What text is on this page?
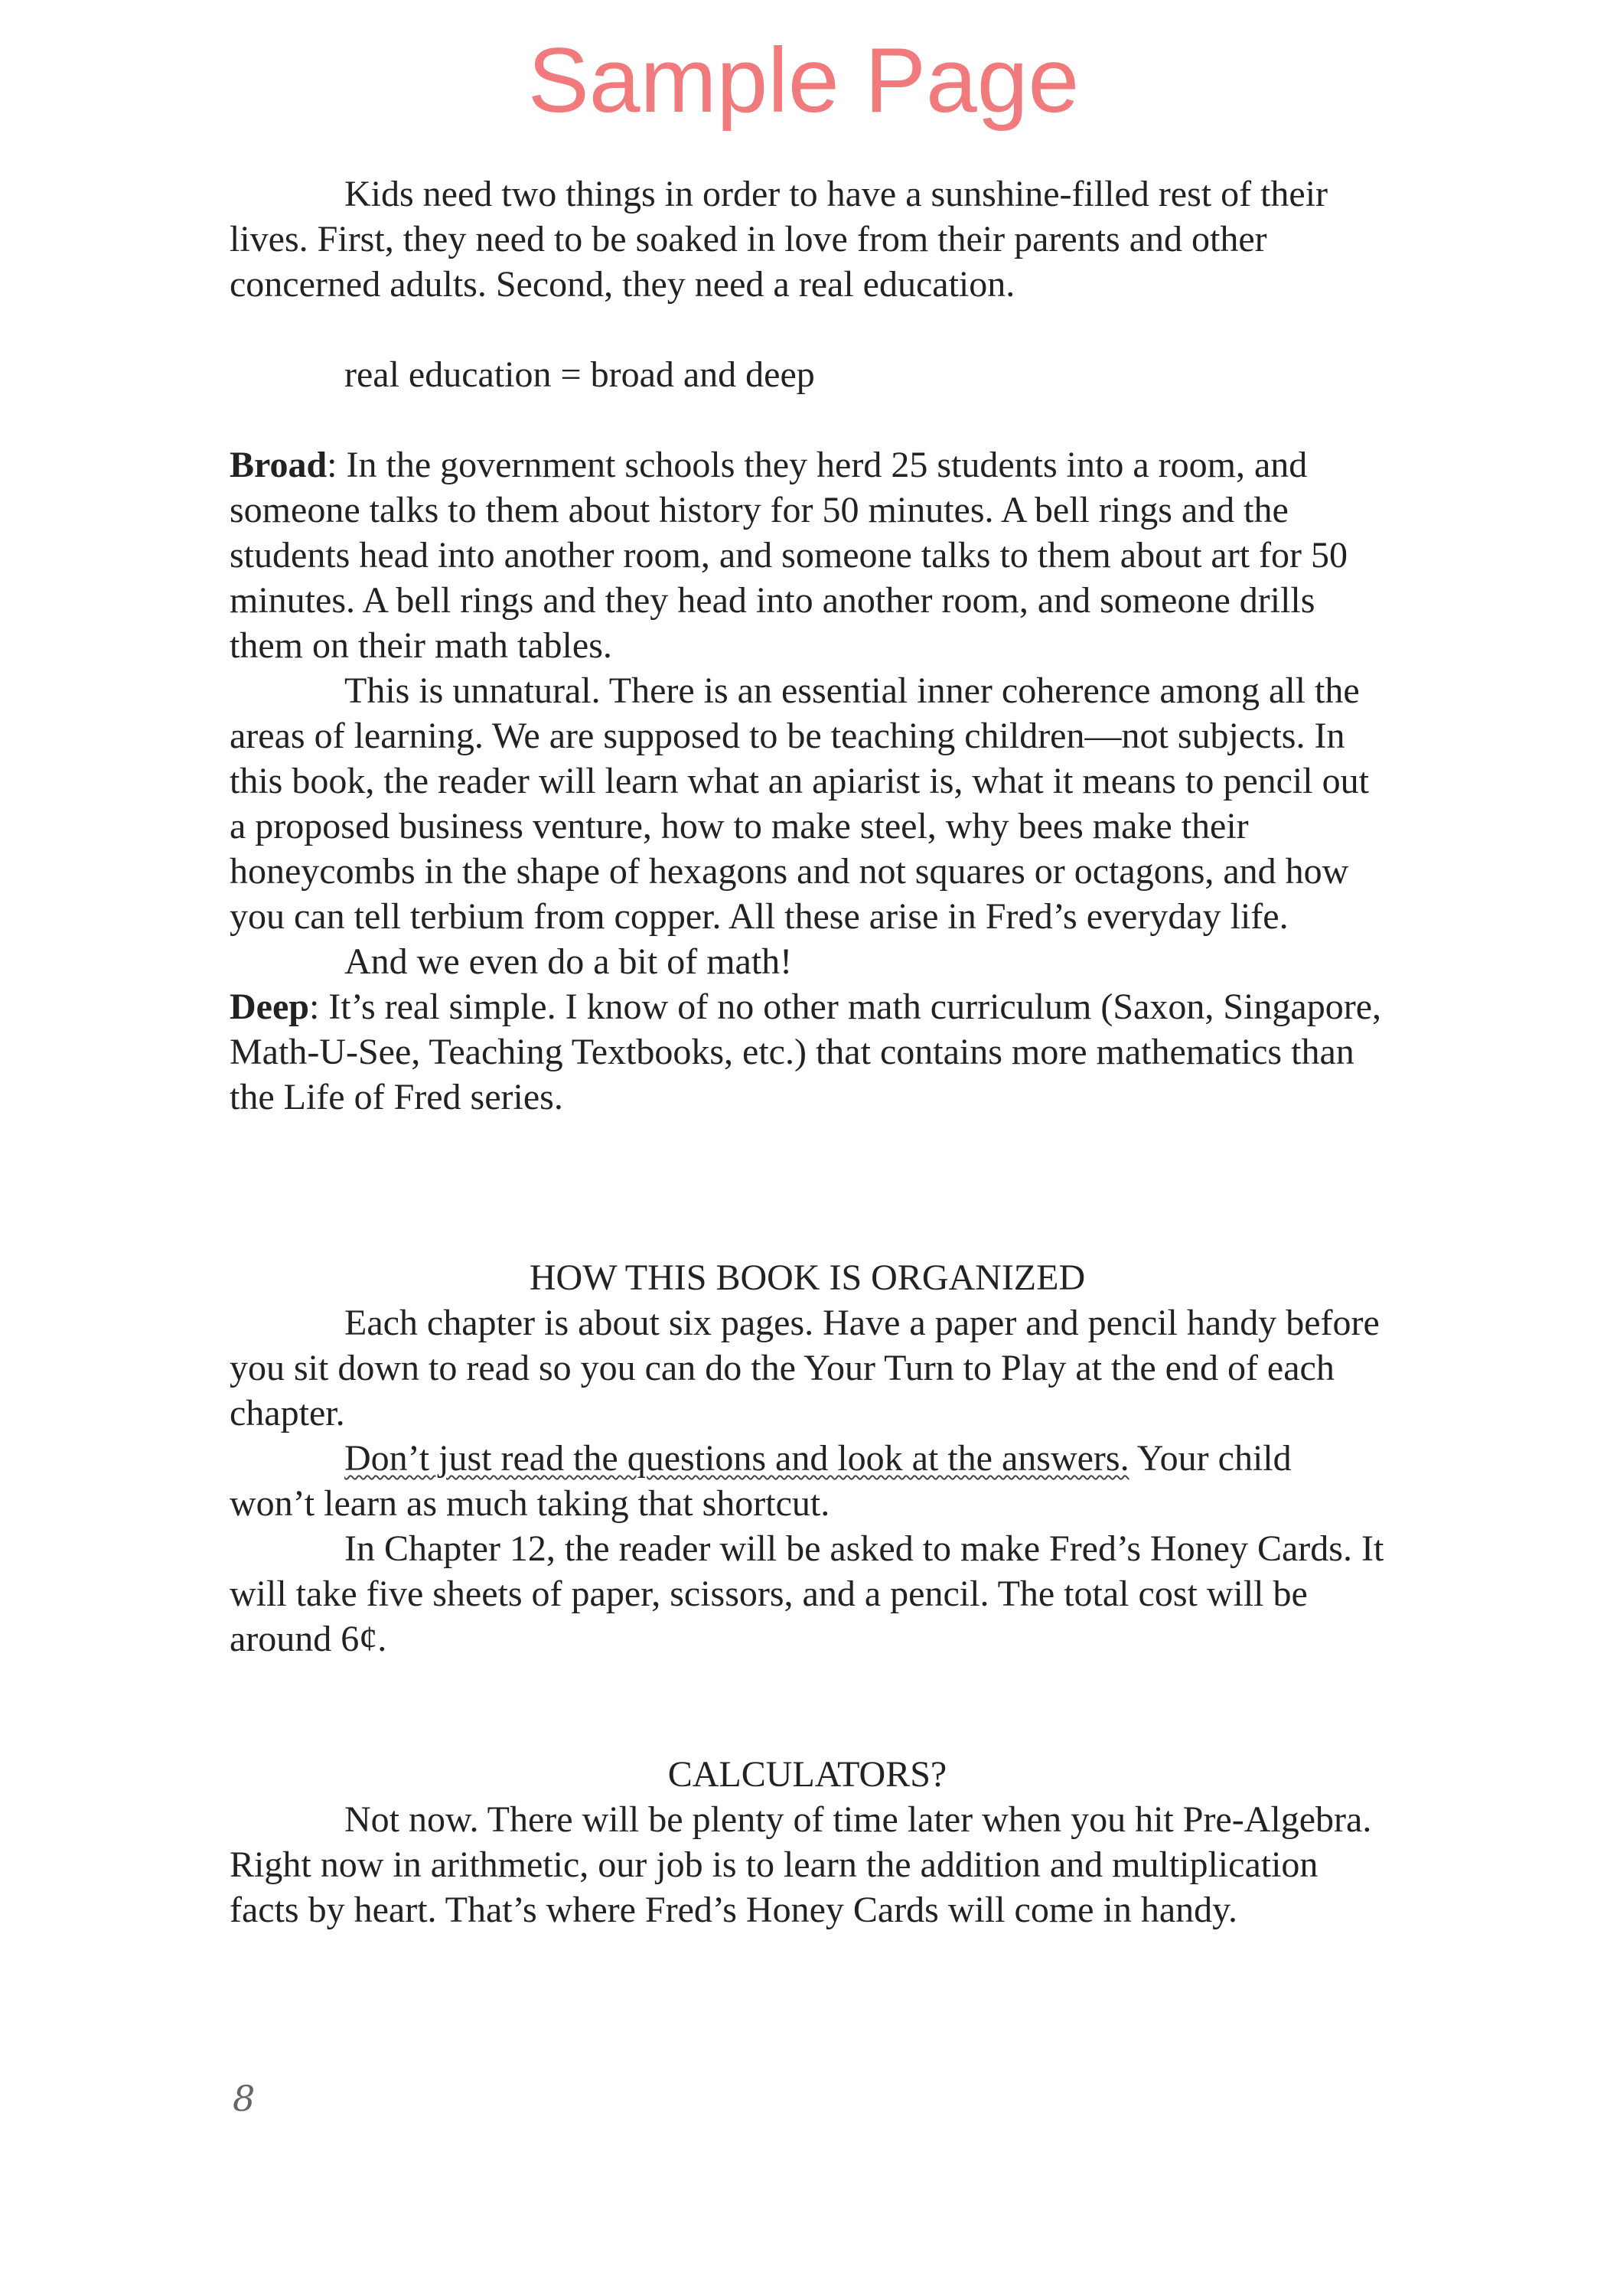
Sample Page

Kids need two things in order to have a sunshine-filled rest of their lives. First, they need to be soaked in love from their parents and other concerned adults. Second, they need a real education.

real education = broad and deep

Broad: In the government schools they herd 25 students into a room, and someone talks to them about history for 50 minutes. A bell rings and the students head into another room, and someone talks to them about art for 50 minutes. A bell rings and they head into another room, and someone drills them on their math tables.

This is unnatural. There is an essential inner coherence among all the areas of learning. We are supposed to be teaching children—not subjects. In this book, the reader will learn what an apiarist is, what it means to pencil out a proposed business venture, how to make steel, why bees make their honeycombs in the shape of hexagons and not squares or octagons, and how you can tell terbium from copper. All these arise in Fred’s everyday life.

And we even do a bit of math!

Deep: It’s real simple. I know of no other math curriculum (Saxon, Singapore, Math-U-See, Teaching Textbooks, etc.) that contains more mathematics than the Life of Fred series.

HOW THIS BOOK IS ORGANIZED

Each chapter is about six pages. Have a paper and pencil handy before you sit down to read so you can do the Your Turn to Play at the end of each chapter.

Don’t just read the questions and look at the answers. Your child won’t learn as much taking that shortcut.

In Chapter 12, the reader will be asked to make Fred’s Honey Cards. It will take five sheets of paper, scissors, and a pencil. The total cost will be around 6¢.

CALCULATORS?

Not now. There will be plenty of time later when you hit Pre-Algebra. Right now in arithmetic, our job is to learn the addition and multiplication facts by heart. That’s where Fred’s Honey Cards will come in handy.

8
